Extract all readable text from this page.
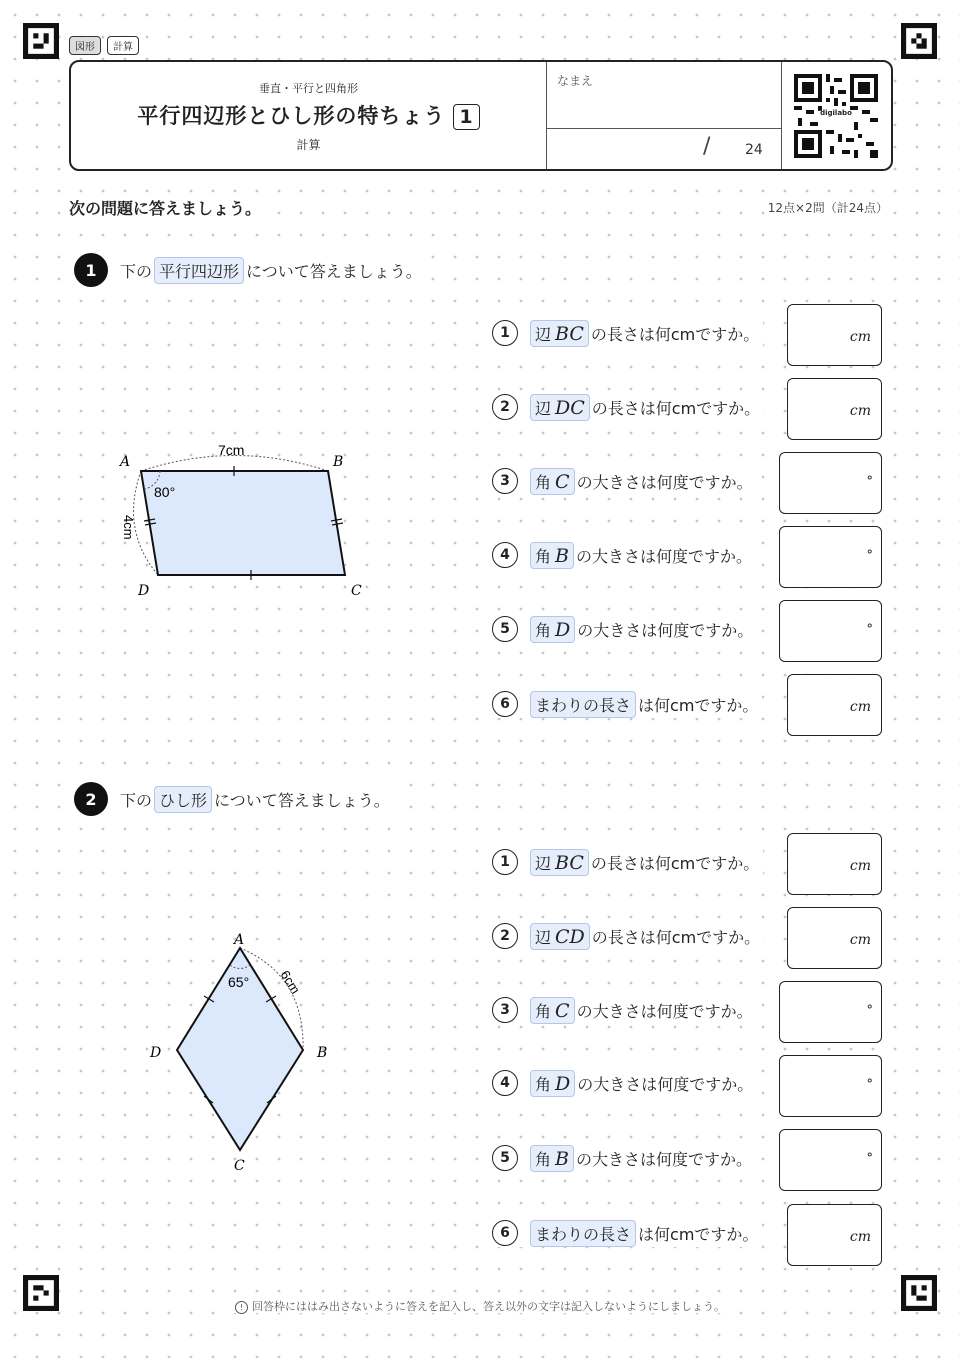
図形	計算
垂直・平行と四角形
平行四辺形とひし形の特ちょう 1
計算
なまえ
/ 24
digilabo
次の問題に答えましょう。	12点×2問（計24点）
1	下の 平行四辺形 について答えましょう。
A	B
C
D
7cm
4cm
80°
1	辺 BC の長さは何cmですか。	cm
2	辺 DC の長さは何cmですか。	cm
3	角 C の大きさは何度ですか。	°
4	角 B の大きさは何度ですか。	°
5	角 D の大きさは何度ですか。	°
6	まわりの長さ は何cmですか。	cm
2	下の ひし形 について答えましょう。
A
B
C
D
6cm
65°
1	辺 BC の長さは何cmですか。	cm
2	辺 CD の長さは何cmですか。	cm
3	角 C の大きさは何度ですか。	°
4	角 D の大きさは何度ですか。	°
5	角 B の大きさは何度ですか。	°
6	まわりの長さ は何cmですか。	cm
! 回答枠にははみ出さないように答えを記入し、答え以外の文字は記入しないようにしましょう。
